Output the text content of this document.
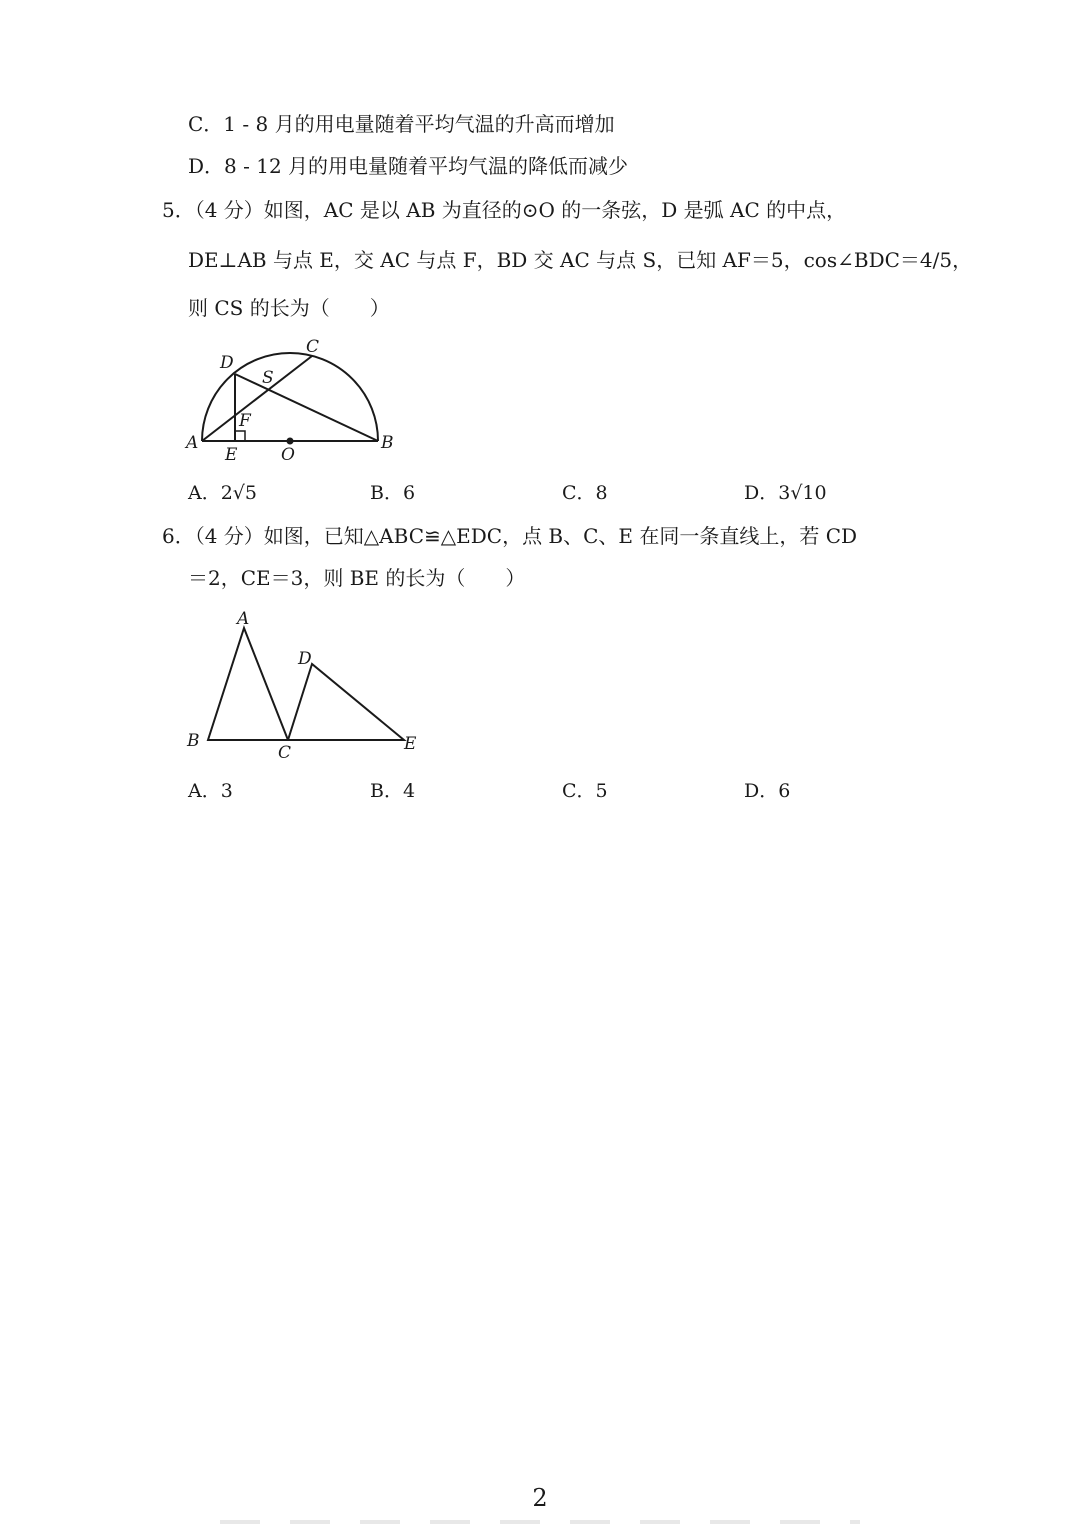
C．1 - 8 月的用电量随着平均气温的升高而增加
D．8 - 12 月的用电量随着平均气温的降低而减少
5．（4 分）如图，AC 是以 AB 为直径的⊙O 的一条弦，D 是弧 AC 的中点，
DE⊥AB 与点 E，交 AC 与点 F，BD 交 AC 与点 S，已知 AF＝5，cos∠BDC＝4/5，
则 CS 的长为（　　）
A	B
C
D
E
F
O
S
A．2√5	B．6	C．8	D．3√10
6．（4 分）如图，已知△ABC≌△EDC，点 B、C、E 在同一条直线上，若 CD
＝2，CE＝3，则 BE 的长为（　　）
A
B
C
D
E
A．3	B．4	C．5	D．6
2
